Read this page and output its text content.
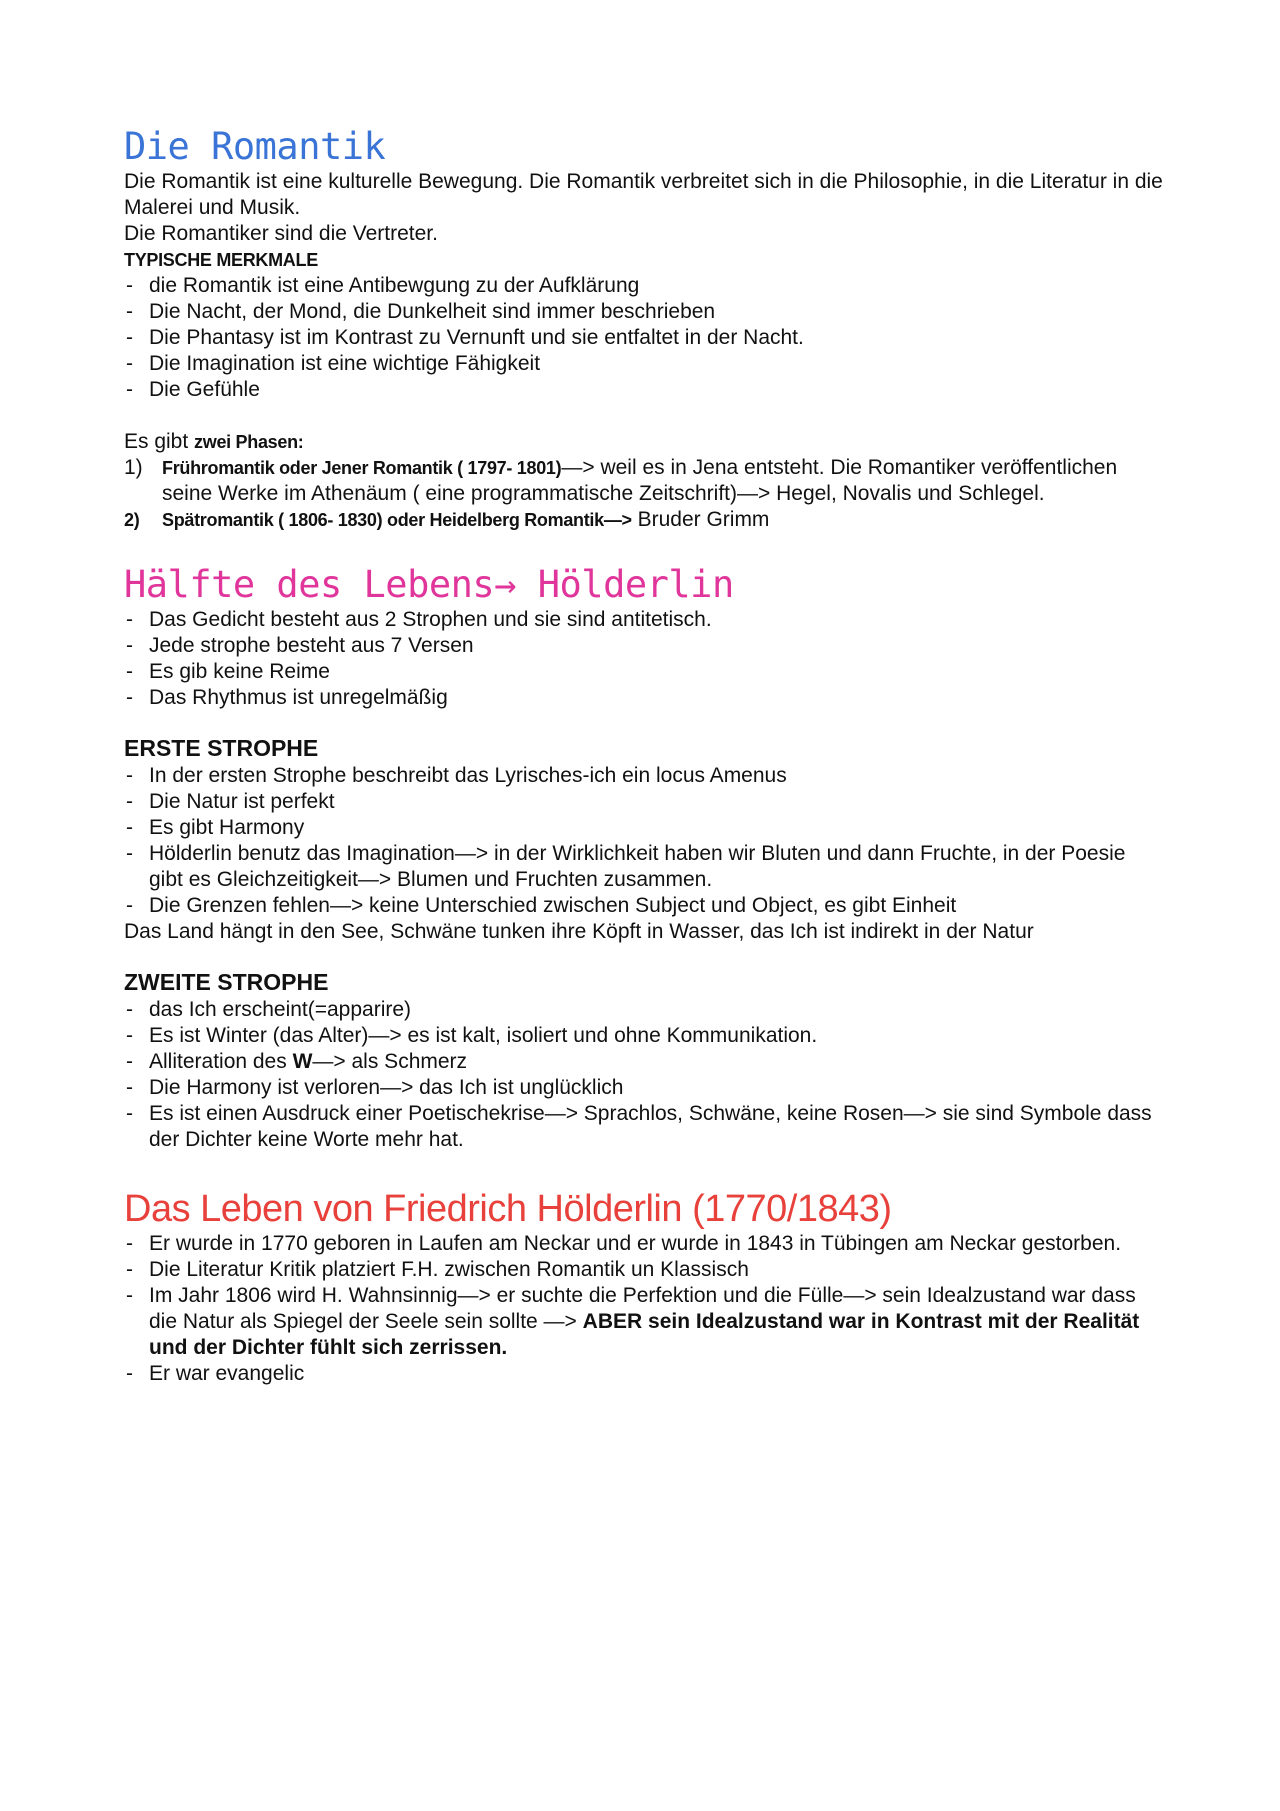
Die Romantik

Die Romantik ist eine kulturelle Bewegung. Die Romantik verbreitet sich in die Philosophie, in die Literatur in die Malerei und Musik.

Die Romantiker sind die Vertreter.

TYPISCHE MERKMALE

- die Romantik ist eine Antibewgung zu der Aufklärung
- Die Nacht, der Mond, die Dunkelheit sind immer beschrieben
- Die Phantasy ist im Kontrast zu Vernunft und sie entfaltet in der Nacht.
- Die Imagination ist eine wichtige Fähigkeit
- Die Gefühle

Es gibt zwei Phasen:

1) Frühromantik oder Jener Romantik ( 1797- 1801)—> weil es in Jena entsteht. Die Romantiker veröffentlichen seine Werke im Athenäum ( eine programmatische Zeitschrift)—> Hegel, Novalis und Schlegel.
2) Spätromantik ( 1806- 1830) oder Heidelberg Romantik—> Bruder Grimm
Hälfte des Lebens→ Hölderlin
- Das Gedicht besteht aus 2 Strophen und sie sind antitetisch.
- Jede strophe besteht aus 7 Versen
- Es gib keine Reime
- Das Rhythmus ist unregelmäßig

ERSTE STROPHE

- In der ersten Strophe beschreibt das Lyrisches-ich ein locus Amenus
- Die Natur ist perfekt
- Es gibt Harmony
- Hölderlin benutz das Imagination—> in der Wirklichkeit haben wir Bluten und dann Fruchte, in der Poesie gibt es Gleichzeitigkeit—> Blumen und Fruchten zusammen.
- Die Grenzen fehlen—> keine Unterschied zwischen Subject und Object, es gibt Einheit

Das Land hängt in den See, Schwäne tunken ihre Köpft in Wasser, das Ich ist indirekt in der Natur

ZWEITE STROPHE

- das Ich erscheint(=apparire)
- Es ist Winter (das Alter)—> es ist kalt, isoliert und ohne Kommunikation.
- Alliteration des W—> als Schmerz
- Die Harmony ist verloren—> das Ich ist unglücklich
- Es ist einen Ausdruck einer Poetischekrise—> Sprachlos, Schwäne, keine Rosen—> sie sind Symbole dass der Dichter keine Worte mehr hat.
Das Leben von Friedrich Hölderlin (1770/1843)
- Er wurde in 1770 geboren in Laufen am Neckar und er wurde in 1843 in Tübingen am Neckar gestorben.
- Die Literatur Kritik platziert F.H. zwischen Romantik un Klassisch
- Im Jahr 1806 wird H. Wahnsinnig—> er suchte die Perfektion und die Fülle—> sein Idealzustand war dass die Natur als Spiegel der Seele sein sollte —> ABER sein Idealzustand war in Kontrast mit der Realität und der Dichter fühlt sich zerrissen.
- Er war evangelic
